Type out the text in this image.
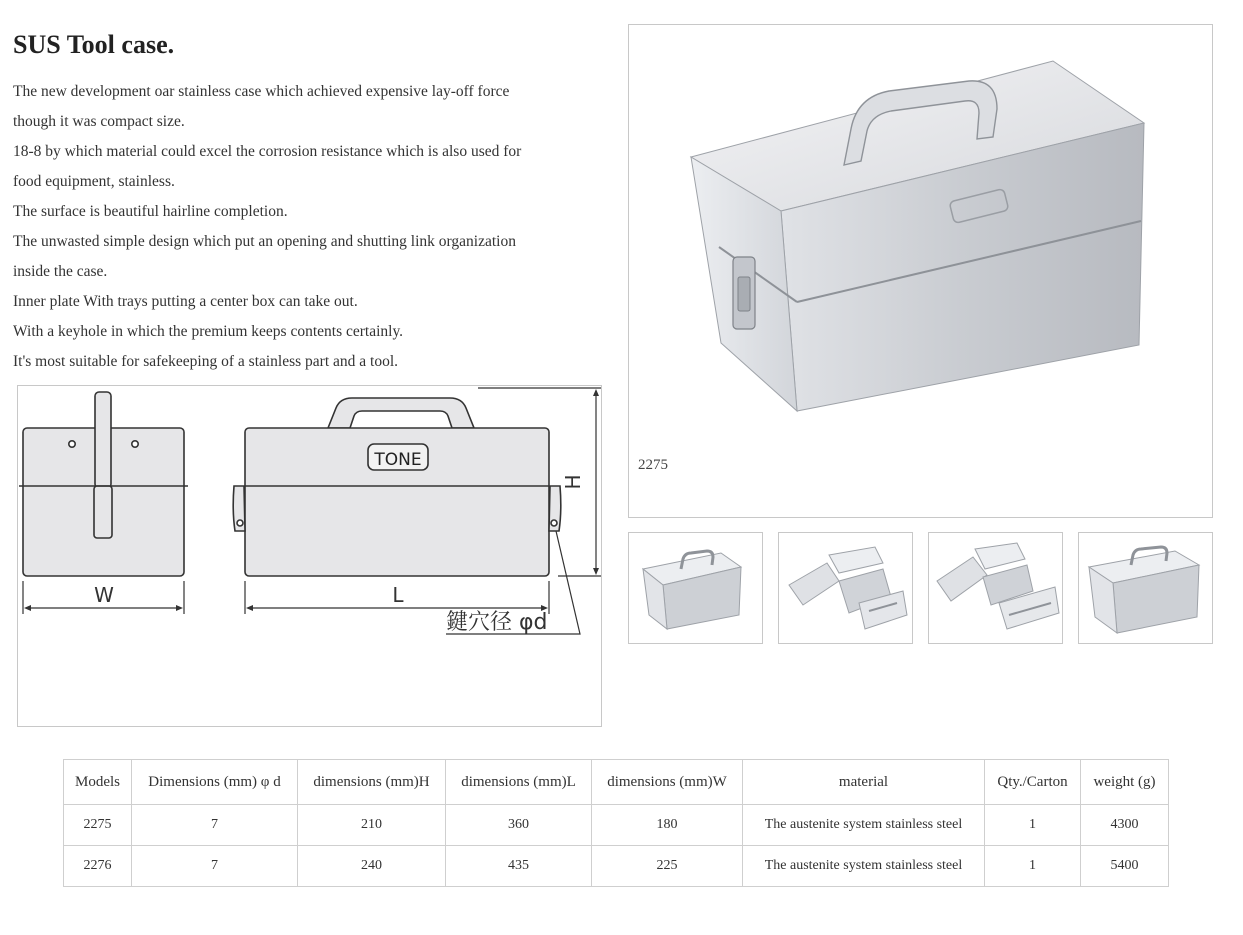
SUS Tool case.

The new development oar stainless case which achieved expensive lay-off force

though it was compact size.

18-8 by which material could excel the corrosion resistance which is also used for

food equipment, stainless.

The surface is beautiful hairline completion.

The unwasted simple design which put an opening and shutting link organization

inside the case.

Inner plate With trays putting a center box can take out.

With a keyhole in which the premium keeps contents certainly.

It's most suitable for safekeeping of a stainless part and a tool.

TONE
W	L
H
鍵穴径 φd
2275
Models	Dimensions (mm) φ d	dimensions (mm)H	dimensions (mm)L	dimensions (mm)W	material	Qty./Carton	weight (g)
2275	7	210	360	180	The austenite system stainless steel	1	4300
2276	7	240	435	225	The austenite system stainless steel	1	5400
